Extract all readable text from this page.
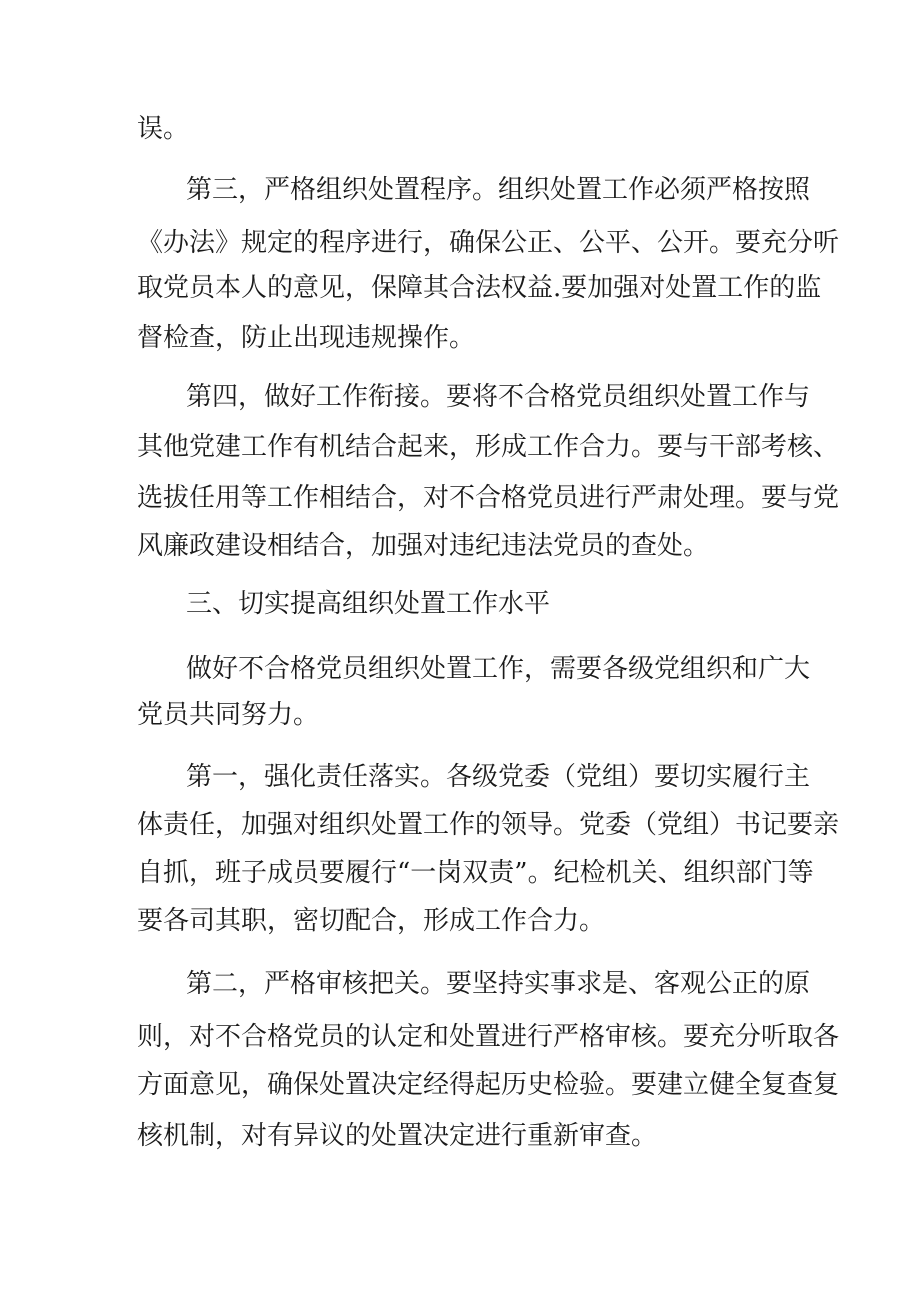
误。
第三，严格组织处置程序。组织处置工作必须严格按照
《办法》规定的程序进行，确保公正、公平、公开。要充分听
取党员本人的意见，保障其合法权益.要加强对处置工作的监
督检查，防止出现违规操作。
第四，做好工作衔接。要将不合格党员组织处置工作与
其他党建工作有机结合起来，形成工作合力。要与干部考核、
选拔任用等工作相结合，对不合格党员进行严肃处理。要与党
风廉政建设相结合，加强对违纪违法党员的查处。
三、切实提高组织处置工作水平
做好不合格党员组织处置工作，需要各级党组织和广大
党员共同努力。
第一，强化责任落实。各级党委（党组）要切实履行主
体责任，加强对组织处置工作的领导。党委（党组）书记要亲
自抓，班子成员要履行“一岗双责”。纪检机关、组织部门等
要各司其职，密切配合，形成工作合力。
第二，严格审核把关。要坚持实事求是、客观公正的原
则，对不合格党员的认定和处置进行严格审核。要充分听取各
方面意见，确保处置决定经得起历史检验。要建立健全复查复
核机制，对有异议的处置决定进行重新审查。
